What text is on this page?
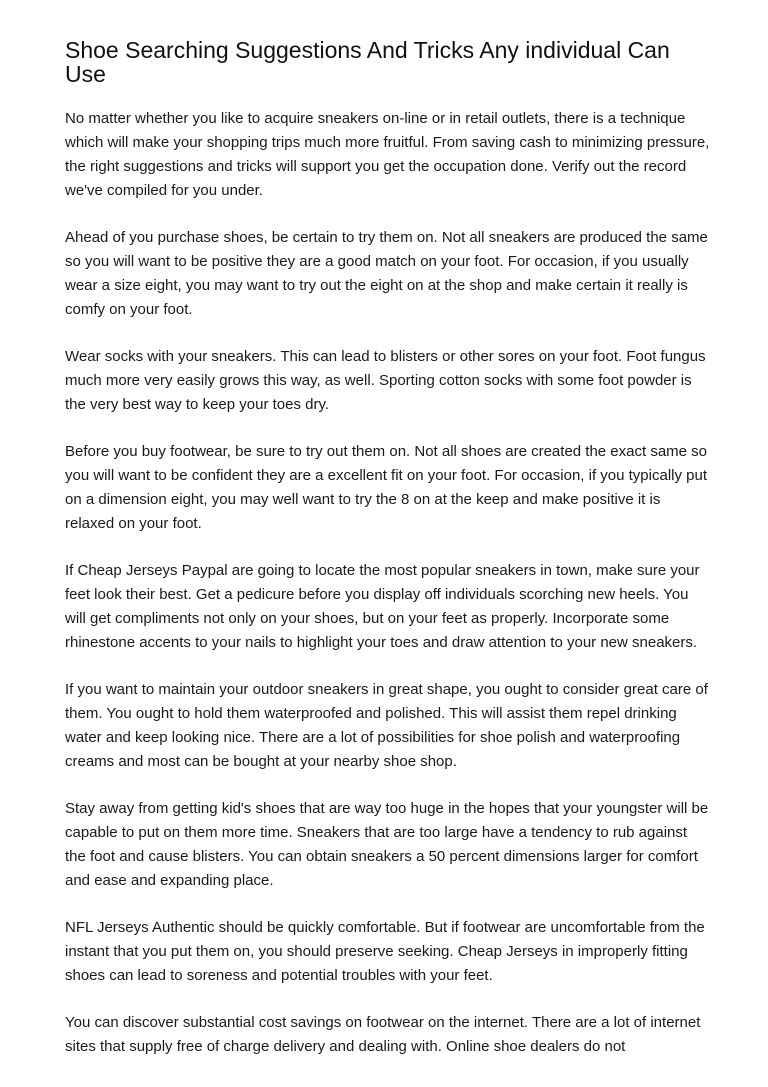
Shoe Searching Suggestions And Tricks Any individual Can Use

No matter whether you like to acquire sneakers on-line or in retail outlets, there is a technique which will make your shopping trips much more fruitful. From saving cash to minimizing pressure, the right suggestions and tricks will support you get the occupation done. Verify out the record we've compiled for you under.

Ahead of you purchase shoes, be certain to try them on. Not all sneakers are produced the same so you will want to be positive they are a good match on your foot. For occasion, if you usually wear a size eight, you may want to try out the eight on at the shop and make certain it really is comfy on your foot.

Wear socks with your sneakers. This can lead to blisters or other sores on your foot. Foot fungus much more very easily grows this way, as well. Sporting cotton socks with some foot powder is the very best way to keep your toes dry.

Before you buy footwear, be sure to try out them on. Not all shoes are created the exact same so you will want to be confident they are a excellent fit on your foot. For occasion, if you typically put on a dimension eight, you may well want to try the 8 on at the keep and make positive it is relaxed on your foot.

If Cheap Jerseys Paypal are going to locate the most popular sneakers in town, make sure your feet look their best. Get a pedicure before you display off individuals scorching new heels. You will get compliments not only on your shoes, but on your feet as properly. Incorporate some rhinestone accents to your nails to highlight your toes and draw attention to your new sneakers.

If you want to maintain your outdoor sneakers in great shape, you ought to consider great care of them. You ought to hold them waterproofed and polished. This will assist them repel drinking water and keep looking nice. There are a lot of possibilities for shoe polish and waterproofing creams and most can be bought at your nearby shoe shop.

Stay away from getting kid's shoes that are way too huge in the hopes that your youngster will be capable to put on them more time. Sneakers that are too large have a tendency to rub against the foot and cause blisters. You can obtain sneakers a 50 percent dimensions larger for comfort and ease and expanding place.

NFL Jerseys Authentic should be quickly comfortable. But if footwear are uncomfortable from the instant that you put them on, you should preserve seeking. Cheap Jerseys in improperly fitting shoes can lead to soreness and potential troubles with your feet.

You can discover substantial cost savings on footwear on the internet. There are a lot of internet sites that supply free of charge delivery and dealing with. Online shoe dealers do not
